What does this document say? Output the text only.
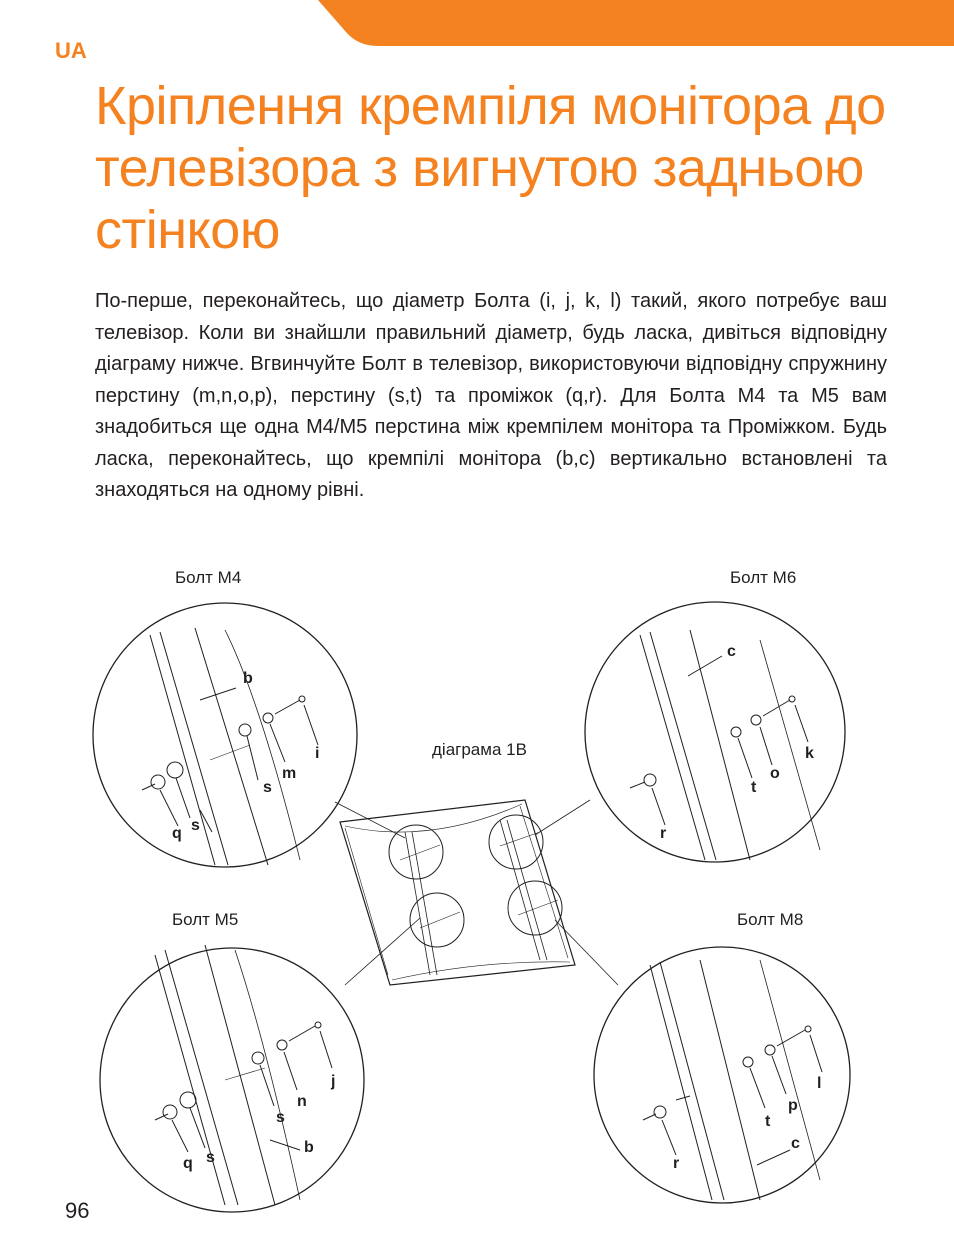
UA
Кріплення кремпіля монітора до телевізора з вигнутою задньою стінкою

По-перше, переконайтесь, що діаметр Болта (i, j, k, l) такий, якого потребує ваш телевізор. Коли ви знайшли правильний діаметр, будь ласка, дивіться відповідну діаграму нижче. Вгвинчуйте Болт в телевізор, використовуючи відповідну спружнину перстину (m,n,o,p), перстину (s,t) та проміжок (q,r). Для Болта M4 та M5 вам знадобиться ще одна M4/M5 перстина між кремпілем монітора та Проміжком. Будь ласка, переконайтесь, що кремпілі монітора (b,c) вертикально встановлені та знаходяться на одному рівні.

Болт M4	Болт M6
діаграма 1B
Болт M5	Болт M8
b
i
m
s
s
q
c
k
o
t
r
j
n
s
s
b
q
l
p
t
c
r
96
